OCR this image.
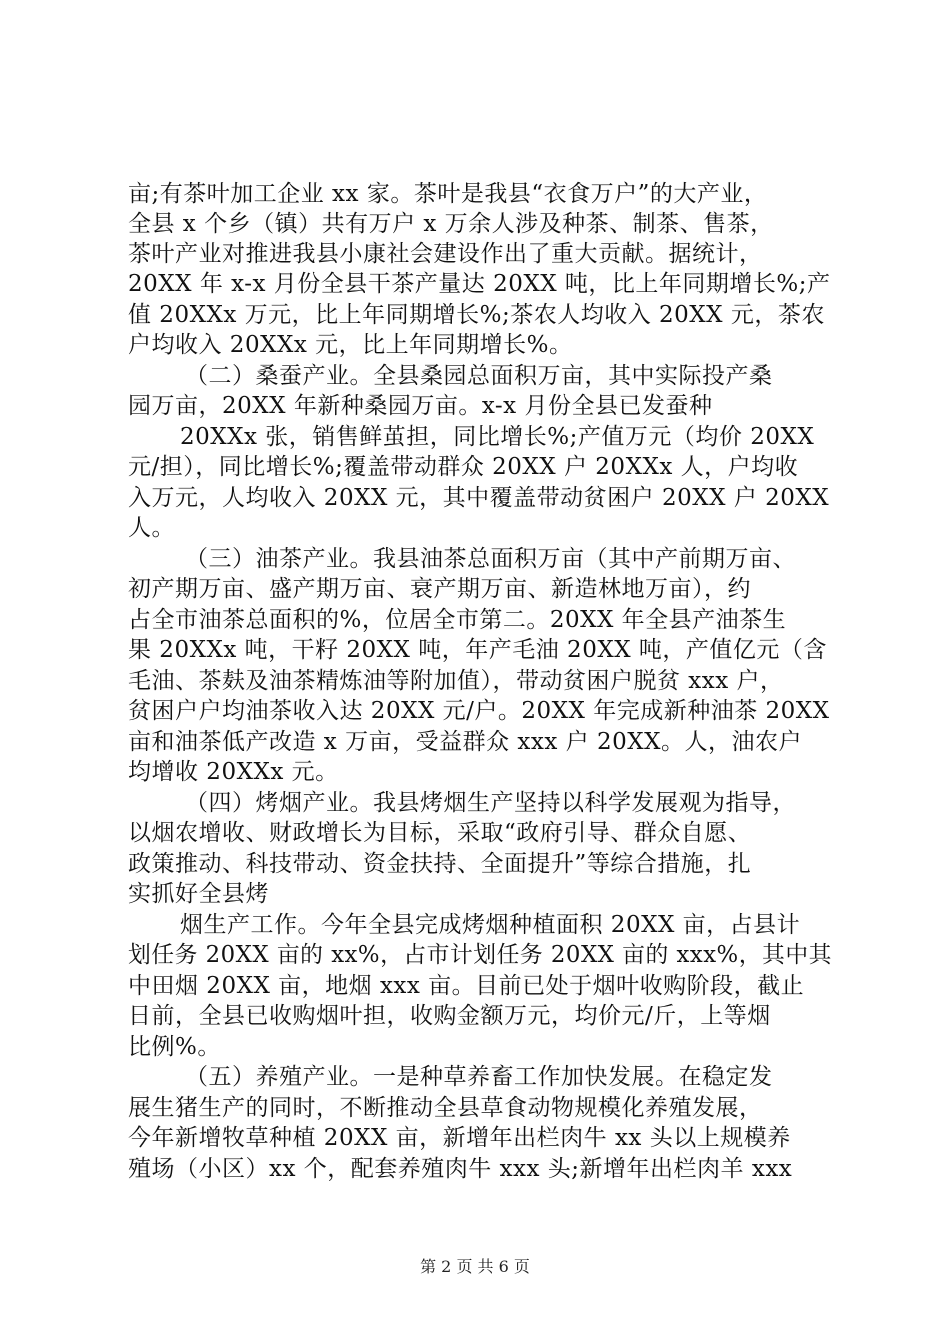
亩;有茶叶加工企业 xx 家。茶叶是我县“衣食万户”的大产业，
全县 x 个乡（镇）共有万户 x 万余人涉及种茶、制茶、售茶，
茶叶产业对推进我县小康社会建设作出了重大贡献。据统计，
20XX 年 x-x 月份全县干茶产量达 20XX 吨，比上年同期增长%;产
值 20XXx 万元，比上年同期增长%;茶农人均收入 20XX 元，茶农
户均收入 20XXx 元，比上年同期增长%。
（二）桑蚕产业。全县桑园总面积万亩，其中实际投产桑
园万亩，20XX 年新种桑园万亩。x-x 月份全县已发蚕种
20XXx 张，销售鲜茧担，同比增长%;产值万元（均价 20XX
元/担），同比增长%;覆盖带动群众 20XX 户 20XXx 人，户均收
入万元，人均收入 20XX 元，其中覆盖带动贫困户 20XX 户 20XX
人。
（三）油茶产业。我县油茶总面积万亩（其中产前期万亩、
初产期万亩、盛产期万亩、衰产期万亩、新造林地万亩），约
占全市油茶总面积的%，位居全市第二。20XX 年全县产油茶生
果 20XXx 吨，干籽 20XX 吨，年产毛油 20XX 吨，产值亿元（含
毛油、茶麸及油茶精炼油等附加值），带动贫困户脱贫 xxx 户，
贫困户户均油茶收入达 20XX 元/户。20XX 年完成新种油茶 20XX
亩和油茶低产改造 x 万亩，受益群众 xxx 户 20XX。人，油农户
均增收 20XXx 元。
（四）烤烟产业。我县烤烟生产坚持以科学发展观为指导，
以烟农增收、财政增长为目标，采取“政府引导、群众自愿、
政策推动、科技带动、资金扶持、全面提升”等综合措施，扎
实抓好全县烤
烟生产工作。今年全县完成烤烟种植面积 20XX 亩，占县计
划任务 20XX 亩的 xx%，占市计划任务 20XX 亩的 xxx%，其中其
中田烟 20XX 亩，地烟 xxx 亩。目前已处于烟叶收购阶段，截止
日前，全县已收购烟叶担，收购金额万元，均价元/斤，上等烟
比例%。
（五）养殖产业。一是种草养畜工作加快发展。在稳定发
展生猪生产的同时，不断推动全县草食动物规模化养殖发展，
今年新增牧草种植 20XX 亩，新增年出栏肉牛 xx 头以上规模养
殖场（小区）xx 个，配套养殖肉牛 xxx 头;新增年出栏肉羊 xxx
第 2 页 共 6 页
